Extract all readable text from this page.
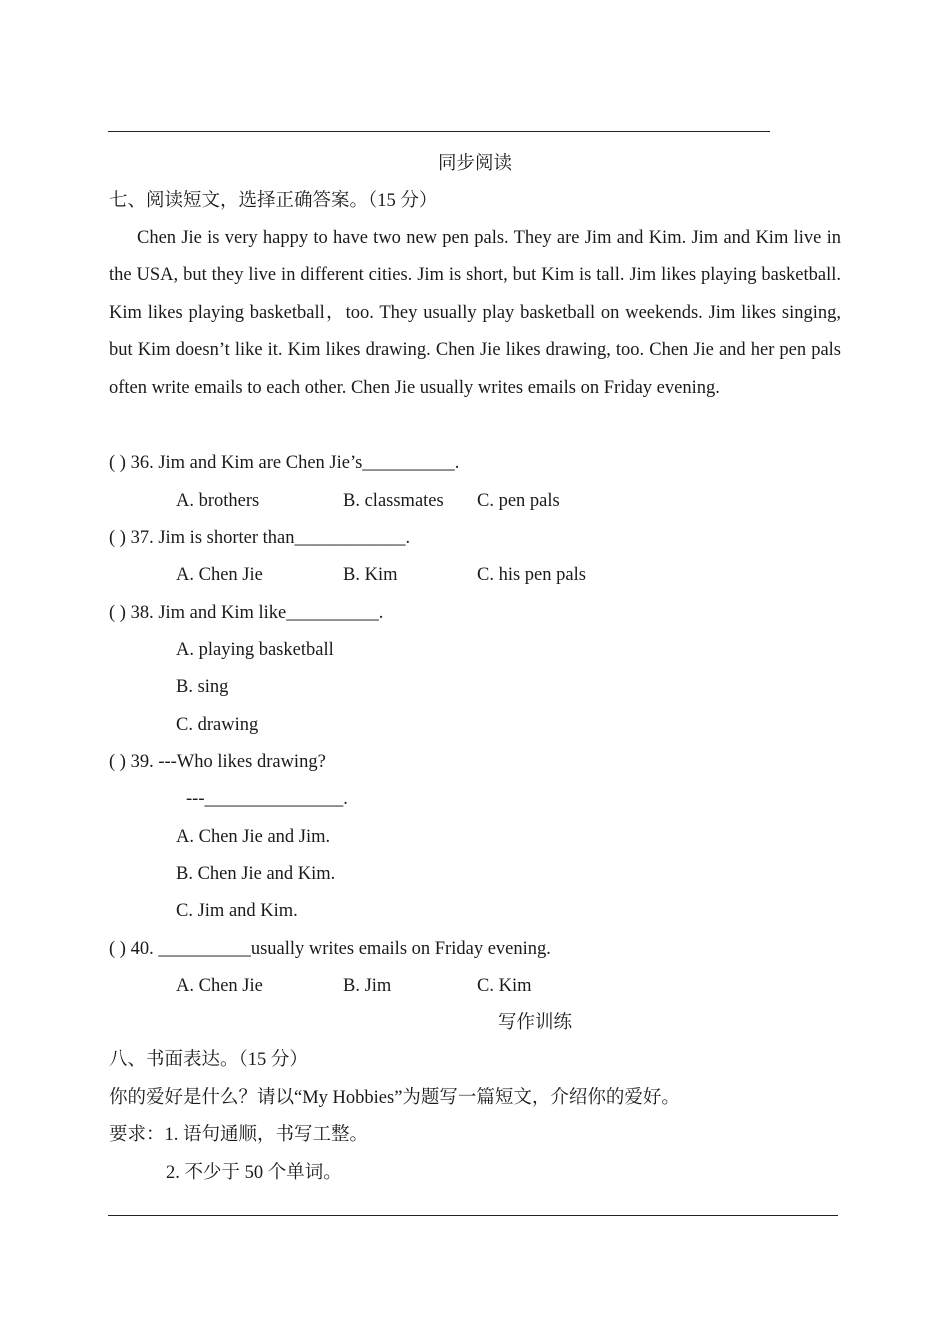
同步阅读
七、阅读短文，选择正确答案。（15 分）
Chen Jie is very happy to have two new pen pals. They are Jim and Kim. Jim and Kim live in the USA, but they live in different cities. Jim is short, but Kim is tall. Jim likes playing basketball. Kim likes playing basketball，too. They usually play basketball on weekends. Jim likes singing, but Kim doesn’t like it. Kim likes drawing. Chen Jie likes drawing, too. Chen Jie and her pen pals often write emails to each other. Chen Jie usually writes emails on Friday evening.
( ) 36. Jim and Kim are Chen Jie’s__________.
A. brothers	B. classmates C. pen pals
( ) 37. Jim is shorter than____________.
A. Chen Jie	B. Kim	C. his pen pals
( ) 38. Jim and Kim like__________.
A. playing basketball
B. sing
C. drawing
( ) 39. ---Who likes drawing?
---_______________.
A. Chen Jie and Jim.
B. Chen Jie and Kim.
C. Jim and Kim.
( ) 40. __________usually writes emails on Friday evening.
A. Chen Jie	B. Jim	C. Kim
写作训练
八、书面表达。（15 分）
你的爱好是什么？请以“My Hobbies”为题写一篇短文，介绍你的爱好。
要求：1. 语句通顺，书写工整。
2. 不少于 50 个单词。
